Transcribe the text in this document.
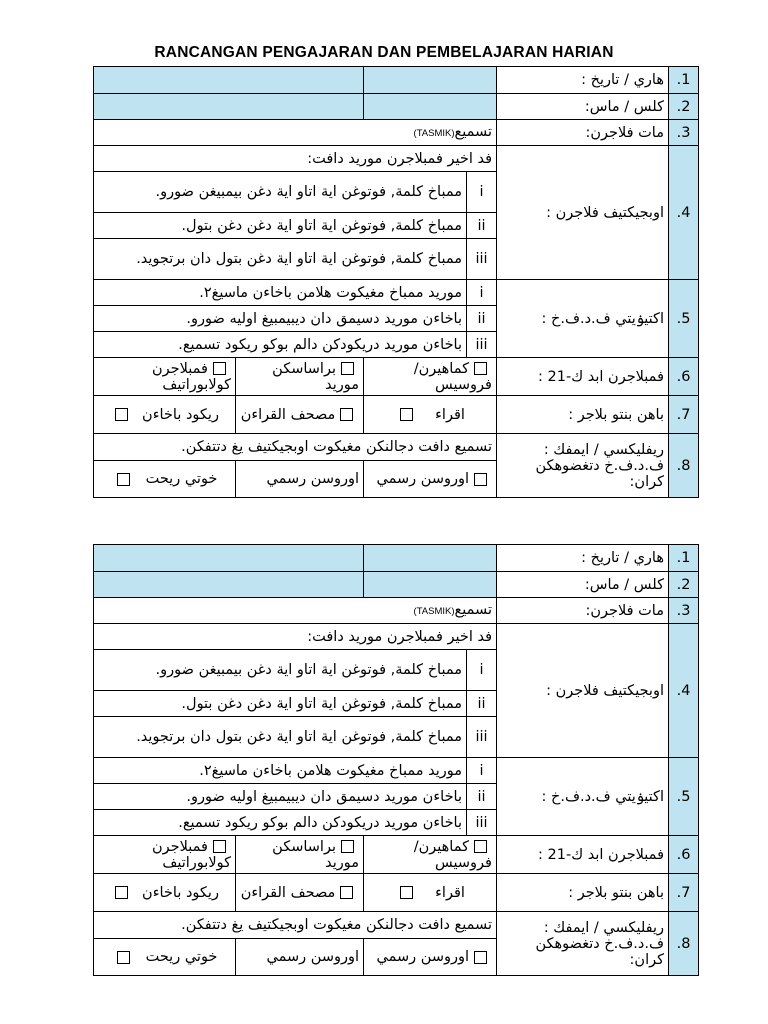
RANCANGAN PENGAJARAN DAN PEMBELAJARAN HARIAN
1.	هاري / تاريخ :				
2.	كلس / ماس:				
3.	مات فلاجرن:	تسميع(TASMIK)			
4.	اوبجيكتيف فلاجرن :	فد اخير فمبلاجرن موريد دافت:			
		i	ممباخ كلمة, فوتوغن اية اتاو اية دغن بيمبيغن ضورو.		
		ii	ممباخ كلمة, فوتوغن اية اتاو اية دغن دغن بتول.		
		iii	ممباخ كلمة, فوتوغن اية اتاو اية دغن بتول دان برتجويد.		
5.	اكتيۏيتي ف.د.ف.خ :	i	موريد ممباخ مغيكوت هلامن باخاءن ماسيغ٢.		
		ii	باخاءن موريد دسيمق دان ديبيمبيغ اوليه ضورو.		
		iii	باخاءن موريد دريكودكن دالم بوكو ريكود تسميع.		
6.	فمبلاجرن ابد ك-21 :	كماهيرن/ فروسيس		براساسكن موريد	فمبلاجرن كولابوراتيف
7.	باهن بنتو بلاجر :	اقراء		مصحف القراءن	ريكود باخاءن
8.	ريفليكسي / ايمفك : ف.د.ف.خ دتغضوهكن كران:	تسميع دافت دجالنكن مغيكوت اوبجيكتيف يغ دتتفكن.			
		اوروسن رسمي		اوروسن رسمي	خوتي ريحت
1.	هاري / تاريخ :				
2.	كلس / ماس:				
3.	مات فلاجرن:	تسميع(TASMIK)			
4.	اوبجيكتيف فلاجرن :	فد اخير فمبلاجرن موريد دافت:			
		i	ممباخ كلمة, فوتوغن اية اتاو اية دغن بيمبيغن ضورو.		
		ii	ممباخ كلمة, فوتوغن اية اتاو اية دغن دغن بتول.		
		iii	ممباخ كلمة, فوتوغن اية اتاو اية دغن بتول دان برتجويد.		
5.	اكتيۏيتي ف.د.ف.خ :	i	موريد ممباخ مغيكوت هلامن باخاءن ماسيغ٢.		
		ii	باخاءن موريد دسيمق دان ديبيمبيغ اوليه ضورو.		
		iii	باخاءن موريد دريكودكن دالم بوكو ريكود تسميع.		
6.	فمبلاجرن ابد ك-21 :	كماهيرن/ فروسيس		براساسكن موريد	فمبلاجرن كولابوراتيف
7.	باهن بنتو بلاجر :	اقراء		مصحف القراءن	ريكود باخاءن
8.	ريفليكسي / ايمفك : ف.د.ف.خ دتغضوهكن كران:	تسميع دافت دجالنكن مغيكوت اوبجيكتيف يغ دتتفكن.			
		اوروسن رسمي		اوروسن رسمي	خوتي ريحت
